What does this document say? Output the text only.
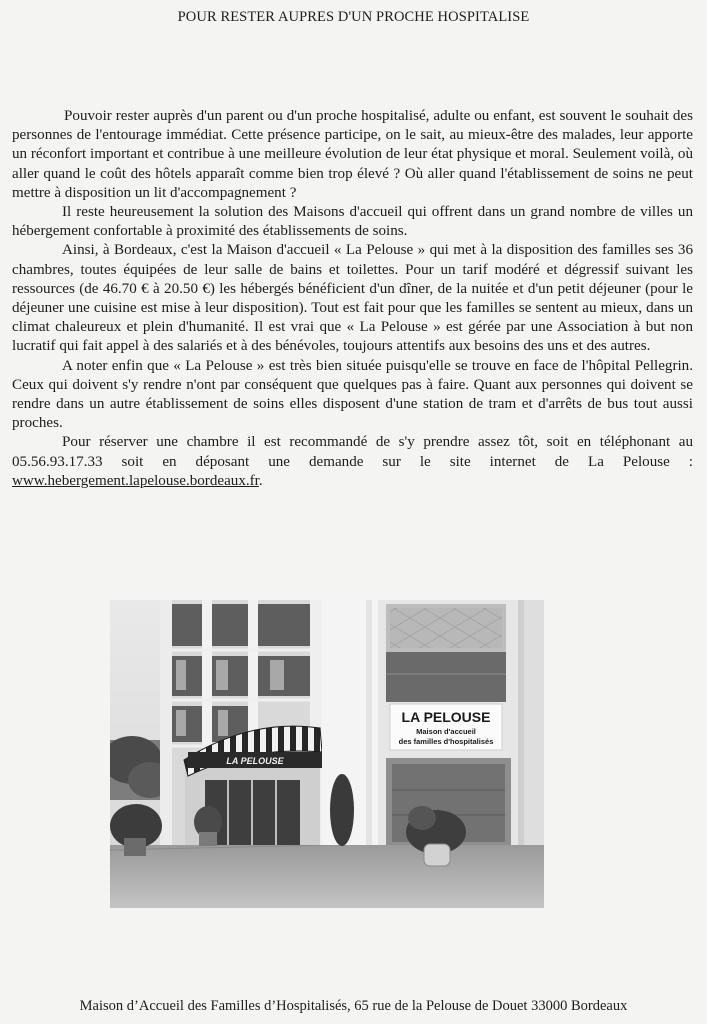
POUR RESTER AUPRES D'UN PROCHE HOSPITALISE

Pouvoir rester auprès d'un parent ou d'un proche hospitalisé, adulte ou enfant, est souvent le souhait des personnes de l'entourage immédiat. Cette présence participe, on le sait, au mieux-être des malades, leur apporte un réconfort important et contribue à une meilleure évolution de leur état physique et moral. Seulement voilà, où aller quand le coût des hôtels apparaît comme bien trop élevé ? Où aller quand l'établissement de soins ne peut mettre à disposition un lit d'accompagnement ?

Il reste heureusement la solution des Maisons d'accueil qui offrent dans un grand nombre de villes un hébergement confortable à proximité des établissements de soins.

Ainsi, à Bordeaux, c'est la Maison d'accueil « La Pelouse » qui met à la disposition des familles ses 36 chambres, toutes équipées de leur salle de bains et toilettes. Pour un tarif modéré et dégressif suivant les ressources (de 46.70 € à 20.50 €) les hébergés bénéficient d'un dîner, de la nuitée et d'un petit déjeuner (pour le déjeuner une cuisine est mise à leur disposition). Tout est fait pour que les familles se sentent au mieux, dans un climat chaleureux et plein d'humanité. Il est vrai que « La Pelouse » est gérée par une Association à but non lucratif qui fait appel à des salariés et à des bénévoles, toujours attentifs aux besoins des uns et des autres.

A noter enfin que « La Pelouse » est très bien située puisqu'elle se trouve en face de l'hôpital Pellegrin. Ceux qui doivent s'y rendre n'ont par conséquent que quelques pas à faire. Quant aux personnes qui doivent se rendre dans un autre établissement de soins elles disposent d'une station de tram et d'arrêts de bus tout aussi proches.

Pour réserver une chambre il est recommandé de s'y prendre assez tôt, soit en téléphonant au 05.56.93.17.33 soit en déposant une demande sur le site internet de La Pelouse : www.hebergement.lapelouse.bordeaux.fr.

LA PELOUSE
LA PELOUSE
Maison d'accueil
des familles d'hospitalisés
Maison d’Accueil des Familles d’Hospitalisés, 65 rue de la Pelouse de Douet 33000 Bordeaux
